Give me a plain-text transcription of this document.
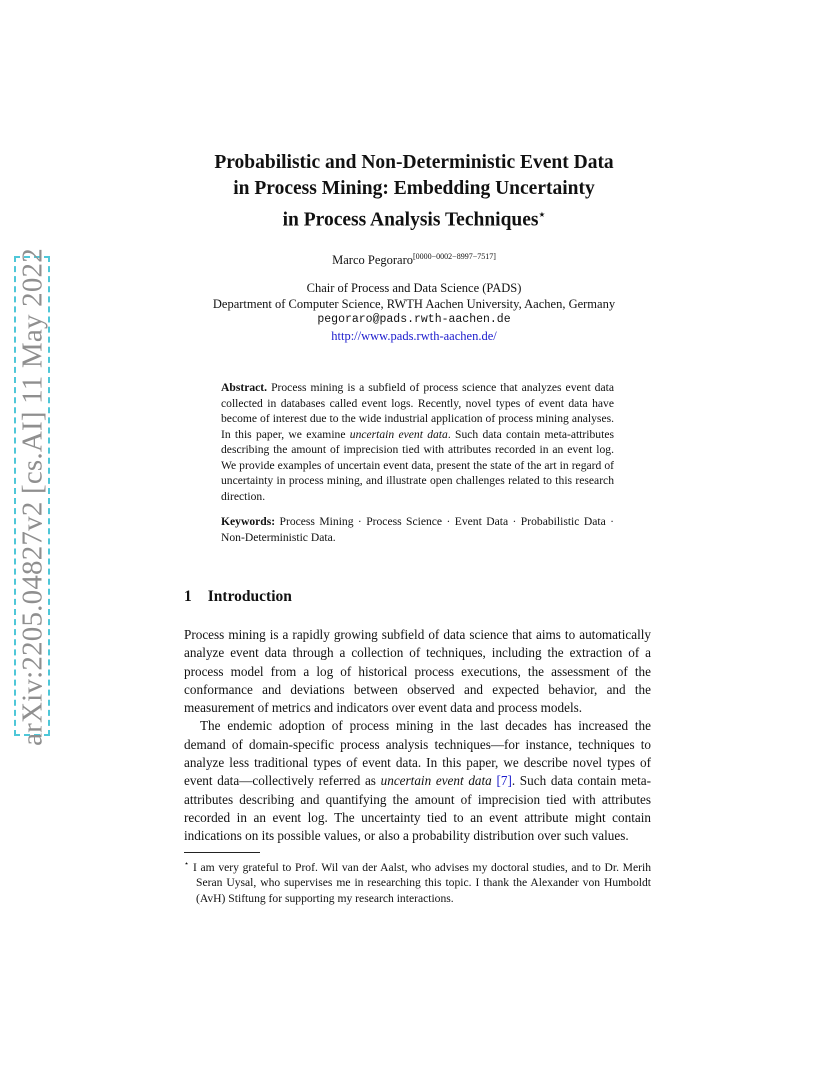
arXiv:2205.04827v2 [cs.AI] 11 May 2022
Probabilistic and Non-Deterministic Event Data
in Process Mining: Embedding Uncertainty
in Process Analysis Techniques⋆
Marco Pegoraro[0000−0002−8997−7517]
Chair of Process and Data Science (PADS)
Department of Computer Science, RWTH Aachen University, Aachen, Germany
pegoraro@pads.rwth-aachen.de
http://www.pads.rwth-aachen.de/

Abstract. Process mining is a subfield of process science that analyzes event data collected in databases called event logs. Recently, novel types of event data have become of interest due to the wide industrial application of process mining analyses. In this paper, we examine uncertain event data. Such data contain meta-attributes describing the amount of imprecision tied with attributes recorded in an event log. We provide examples of uncertain event data, present the state of the art in regard of uncertainty in process mining, and illustrate open challenges related to this research direction.

Keywords: Process Mining · Process Science · Event Data · Probabilistic Data · Non-Deterministic Data.

1 Introduction

Process mining is a rapidly growing subfield of data science that aims to automatically analyze event data through a collection of techniques, including the extraction of a process model from a log of historical process executions, the assessment of the conformance and deviations between observed and expected behavior, and the measurement of metrics and indicators over event data and process models.

The endemic adoption of process mining in the last decades has increased the demand of domain-specific process analysis techniques—for instance, techniques to analyze less traditional types of event data. In this paper, we describe novel types of event data—collectively referred as uncertain event data [7]. Such data contain meta-attributes describing and quantifying the amount of imprecision tied with attributes recorded in an event log. The uncertainty tied to an event attribute might contain indications on its possible values, or also a probability distribution over such values.

⋆ I am very grateful to Prof. Wil van der Aalst, who advises my doctoral studies, and to Dr. Merih Seran Uysal, who supervises me in researching this topic. I thank the Alexander von Humboldt (AvH) Stiftung for supporting my research interactions.
